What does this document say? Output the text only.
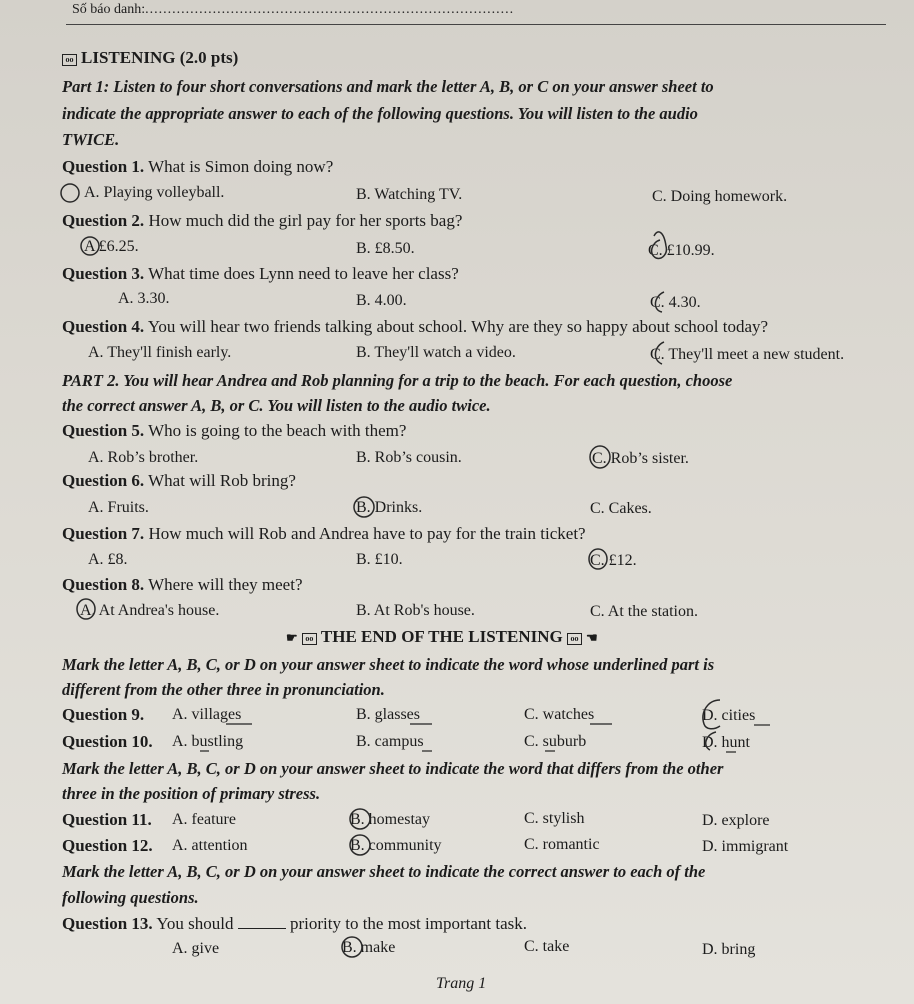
Số báo danh:..................................................................................
oo LISTENING (2.0 pts)
Part 1: Listen to four short conversations and mark the letter A, B, or C on your answer sheet to
indicate the appropriate answer to each of the following questions. You will listen to the audio
TWICE.
Question 1. What is Simon doing now?
A. Playing volleyball.	B. Watching TV.	C. Doing homework.
Question 2. How much did the girl pay for her sports bag?
A £6.25.	B. £8.50.	C. £10.99.
Question 3. What time does Lynn need to leave her class?
A. 3.30.	B. 4.00.	C. 4.30.
Question 4. You will hear two friends talking about school. Why are they so happy about school today?
A. They'll finish early.	B. They'll watch a video.	C. They'll meet a new student.
PART 2. You will hear Andrea and Rob planning for a trip to the beach. For each question, choose
the correct answer A, B, or C. You will listen to the audio twice.
Question 5. Who is going to the beach with them?
A. Rob’s brother.	B. Rob’s cousin.	C. Rob’s sister.
Question 6. What will Rob bring?
A. Fruits.	B. Drinks.	C. Cakes.
Question 7. How much will Rob and Andrea have to pay for the train ticket?
A. £8.	B. £10.	C. £12.
Question 8. Where will they meet?
A. At Andrea's house.	B. At Rob's house.	C. At the station.
☛ oo THE END OF THE LISTENING oo ☚
Mark the letter A, B, C, or D on your answer sheet to indicate the word whose underlined part is
different from the other three in pronunciation.
Question 9. A. villages	B. glasses	C. watches	D. cities
Question 10. A. bustling	B. campus	C. suburb	D. hunt
Mark the letter A, B, C, or D on your answer sheet to indicate the word that differs from the other
three in the position of primary stress.
Question 11. A. feature	B. homestay	C. stylish	D. explore
Question 12. A. attention	B. community	C. romantic	D. immigrant
Mark the letter A, B, C, or D on your answer sheet to indicate the correct answer to each of the
following questions.
Question 13. You should	priority to the most important task.
A. give	B. make	C. take	D. bring
Trang 1
